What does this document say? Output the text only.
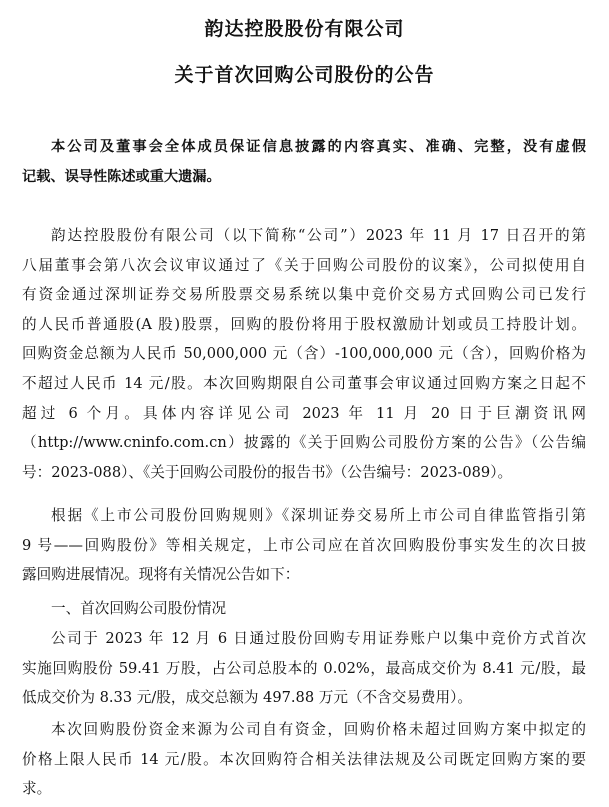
韵达控股股份有限公司
关于首次回购公司股份的公告
本公司及董事会全体成员保证信息披露的内容真实、准确、完整，没有虚假
记载、误导性陈述或重大遗漏。
韵达控股股份有限公司（以下简称“公司”）2023 年 11 月 17 日召开的第
八届董事会第八次会议审议通过了《关于回购公司股份的议案》，公司拟使用自
有资金通过深圳证券交易所股票交易系统以集中竞价交易方式回购公司已发行
的人民币普通股(A 股)股票，回购的股份将用于股权激励计划或员工持股计划。
回购资金总额为人民币 50,000,000 元（含）-100,000,000 元（含），回购价格为
不超过人民币 14 元/股。本次回购期限自公司董事会审议通过回购方案之日起不
超过 6 个月。具体内容详见公司 2023 年 11 月 20 日于巨潮资讯网
（http://www.cninfo.com.cn）披露的《关于回购公司股份方案的公告》（公告编
号：2023-088）、《关于回购公司股份的报告书》（公告编号：2023-089）。
根据《上市公司股份回购规则》《深圳证券交易所上市公司自律监管指引第
9 号——回购股份》等相关规定，上市公司应在首次回购股份事实发生的次日披
露回购进展情况。现将有关情况公告如下：
一、首次回购公司股份情况
公司于 2023 年 12 月 6 日通过股份回购专用证券账户以集中竞价方式首次
实施回购股份 59.41 万股，占公司总股本的 0.02%，最高成交价为 8.41 元/股，最
低成交价为 8.33 元/股，成交总额为 497.88 万元（不含交易费用）。
本次回购股份资金来源为公司自有资金，回购价格未超过回购方案中拟定的
价格上限人民币 14 元/股。本次回购符合相关法律法规及公司既定回购方案的要
求。
